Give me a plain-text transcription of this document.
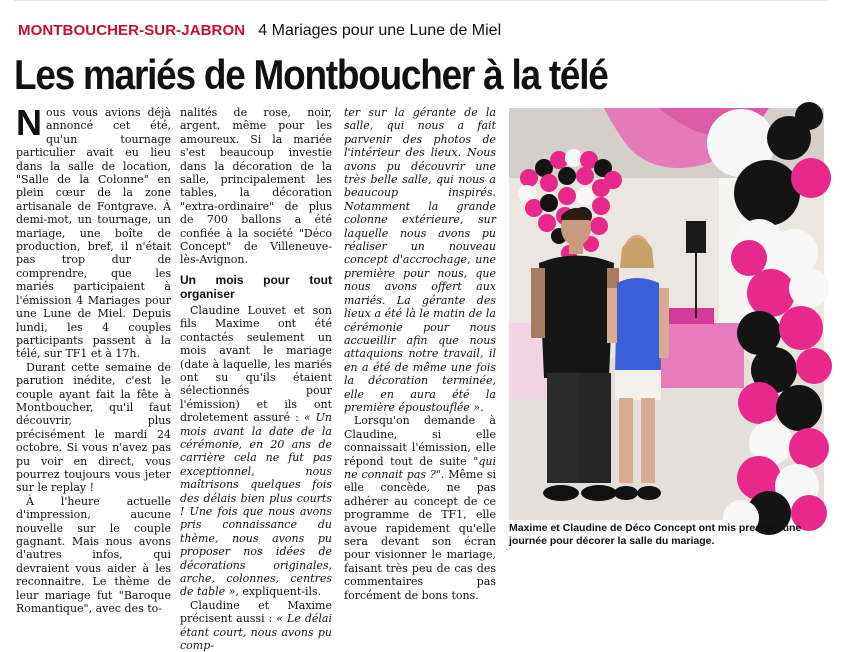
MONTBOUCHER-SUR-JABRON 4 Mariages pour une Lune de Miel
Les mariés de Montboucher à la télé
N ous vous avions déjà annoncé cet été, qu'un tournage particulier avait eu lieu dans la salle de location, "Salle de la Colonne" en plein cœur de la zone artisanale de Fontgrave. À demi-mot, un tournage, un mariage, une boîte de production, bref, il n'était pas trop dur de comprendre, que les mariés participaient à l'émission 4 Mariages pour une Lune de Miel. Depuis lundi, les 4 couples participants passent à la télé, sur TF1 et à 17h.

Durant cette semaine de parution inédite, c'est le couple ayant fait la fête à Montboucher, qu'il faut découvrir, plus précisément le mardi 24 octobre. Si vous n'avez pas pu voir en direct, vous pourrez toujours vous jeter sur le replay !

À l'heure actuelle d'impression, aucune nouvelle sur le couple gagnant. Mais nous avons d'autres infos, qui devraient vous aider à les reconnaitre. Le thème de leur mariage fut "Baroque Romantique", avec des to-

nalités de rose, noir, argent, même pour les amoureux. Si la mariée s'est beaucoup investie dans la décoration de la salle, principalement les tables, la décoration "extra-ordinaire" de plus de 700 ballons a été confiée à la société "Déco Concept" de Villeneuve-lès-Avignon.

Un mois pour tout organiser

Claudine Louvet et son fils Maxime ont été contactés seulement un mois avant le mariage (date à laquelle, les mariés ont su qu'ils étaient sélectionnés pour l'émission) et ils ont droletement assuré : « Un mois avant la date de la cérémonie, en 20 ans de carrière cela ne fut pas exceptionnel, nous maîtrisons quelques fois des délais bien plus courts ! Une fois que nous avons pris connaissance du thème, nous avons pu proposer nos idées de décorations originales, arche, colonnes, centres de table », expliquent-ils.

Claudine et Maxime précisent aussi : « Le délai étant court, nous avons pu comp-

ter sur la gérante de la salle, qui nous a fait parvenir des photos de l'intérieur des lieux. Nous avons pu découvrir une très belle salle, qui nous a beaucoup inspirés. Notamment la grande colonne extérieure, sur laquelle nous avons pu réaliser un nouveau concept d'accrochage, une première pour nous, que nous avons offert aux mariés. La gérante des lieux a été là le matin de la cérémonie pour nous accueillir afin que nous attaquions notre travail, il en a été de même une fois la décoration terminée, elle en aura été la première époustouflée ».

Lorsqu'on demande à Claudine, si elle connaissait l'émission, elle répond tout de suite "qui ne connait pas ?". Même si elle concède, ne pas adhérer au concept de ce programme de TF1, elle avoue rapidement qu'elle sera devant son écran pour visionner le mariage, faisant très peu de cas des commentaires pas forcément de bons tons.

Maxime et Claudine de Déco Concept ont mis presque une journée pour décorer la salle du mariage.
